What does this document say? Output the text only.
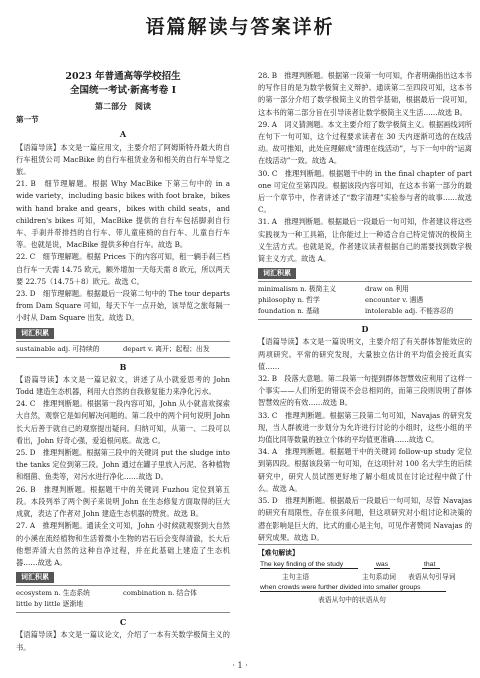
语篇解读与答案详析
2023 年普通高等学校招生
全国统一考试·新高考卷 I
第二部分　阅读
第一节
A

【语篇导读】本文是一篇应用文，主要介绍了阿姆斯特丹最大的自行车租赁公司 MacBike 的自行车租赁业务和相关的自行车导览之旅。

21. B　细节理解题。根据 Why MacBike 下第三句中的 in a wide variety，including basic bikes with foot brake，bikes with hand brake and gears，bikes with child seats，and children's bikes 可知，MacBike 提供的自行车包括脚刹自行车、手刹并带排挡的自行车、带儿童座椅的自行车、儿童自行车等。也就是说，MacBike 提供多种自行车。故选 B。

22. C　细节理解题。根据 Prices 下的内容可知，租一辆手刹三档自行车一天需 14.75 欧元，额外增加一天每天需 8 欧元，所以两天要 22.75（14.75＋8）欧元。故选 C。

23. D　细节理解题。根据最后一段第二句中的 The tour departs from Dam Square 可知，每天下午一点开始，该导览之旅每隔一小时从 Dam Square 出发。故选 D。

词汇积累
sustainable adj. 可持续的	depart v. 离开；起程；出发
B

【语篇导读】本文是一篇记叙文，讲述了从小就爱思考的 John Todd 建造生态机器，利用大自然的自我修复能力来净化污水。

24. C　推理判断题。根据第一段内容可知，John 从小就喜欢探索大自然，观察它是如何解决问题的。第二段中的两个问句说明 John 长大后善于就自己的观察提出疑问。归纳可知，从第一、二段可以看出，John 好奇心强，爱追根问底。故选 C。

25. D　推理判断题。根据第三段中的关键词 put the sludge into the tanks 定位到第三段。John 通过在罐子里放入污泥、各种植物和细菌、鱼类等，对污水进行净化……故选 D。

26. B　推理判断题。根据题干中的关键词 Fuzhou 定位到第五段。本段列举了两个例子来说明 John 在生态修复方面取得的巨大成就，表达了作者对 John 建造生态机器的赞赏。故选 B。

27. A　推理判断题。通读全文可知，John 小时候就观察到大自然的小溪在流经植物和生活着微小生物的岩石后会变得清澈，长大后他想弄清大自然的这种自净过程，并在此基础上建造了生态机器……故选 A。

词汇积累
ecosystem n. 生态系统	combination n. 结合体
little by little 逐渐地
C

【语篇导读】本文是一篇议论文，介绍了一本有关数学极简主义的书。

28. B　推理判断题。根据第一段第一句可知，作者明确指出这本书的写作目的是为数学极简主义辩护。通读第二至四段可知，这本书的第一部分介绍了数学极简主义的哲学基础，根据最后一段可知，这本书的第二部分旨在引导读者让数学极简主义生活……故选 B。

29. A　词义猜测题。本文主要介绍了数学极简主义。根据画线词所在句下一句可知，这个过程要求读者在 30 天内逐渐可选的在线活动。故可推知，此处应理解成“清理在线活动”，与下一句中的“运离在线活动”一致。故选 A。

30. C　推理判断题。根据题干中的 in the final chapter of part one 可定位至第四段。根据该段内容可知，在这本书第一部分的最后一个章节中，作者讲述了“数字清理”实验参与者的故事……故选 C。

31. A　推理判断题。根据最后一段最后一句可知，作者建议将这些实践视为一种工具箱，让你能过上一种适合自己特定情况的极简主义生活方式。也就是说，作者建议读者根据自己的需要找到数字极简主义方式。故选 A。

词汇积累
minimalism n. 极简主义	draw on 利用
philosophy n. 哲学	encounter v. 遇遇
foundation n. 基础	intolerable adj. 不能容忍的
D

【语篇导读】本文是一篇说明文，主要介绍了有关群体智能效应的两项研究。平常的研究发现，大量独立估计的平均值会接近真实值……

32. B　段落大意题。第二段第一句提到群体智慧效应利用了这样一个事实——人们所犯的错误不会总相同的，而第三段则说明了群体智慧效应的有效……故选 B。

33. C　推理判断题。根据第三段第二句可知，Navajas 的研究发现，当人群被进一步划分为允许进行讨论的小组时，这些小组的平均值比同等数量的独立个体的平均值更准确……故选 C。

34. A　推理判断题。根据题干中的关键词 follow-up study 定位到第四段。根据该段第一句可知，在这项针对 100 名大学生的后续研究中，研究人员试图更好地了解小组成员在讨论过程中做了什么。故选 A。

35. D　推理判断题。根据最后一段最后一句可知，尽管 Navajas 的研究有局限性，存在很多问题，但这项研究对小组讨论和决策的潜在影响是巨大的，比式的重心是主句，可见作者赞同 Navajas 的研究成果。故选 D。

【难句解读】
The key finding of the study	was	that
主句主语	主句系动词 表语从句引导词
when crowds were further divided into smaller groups
表语从句中的状语从句
· 1 ·
